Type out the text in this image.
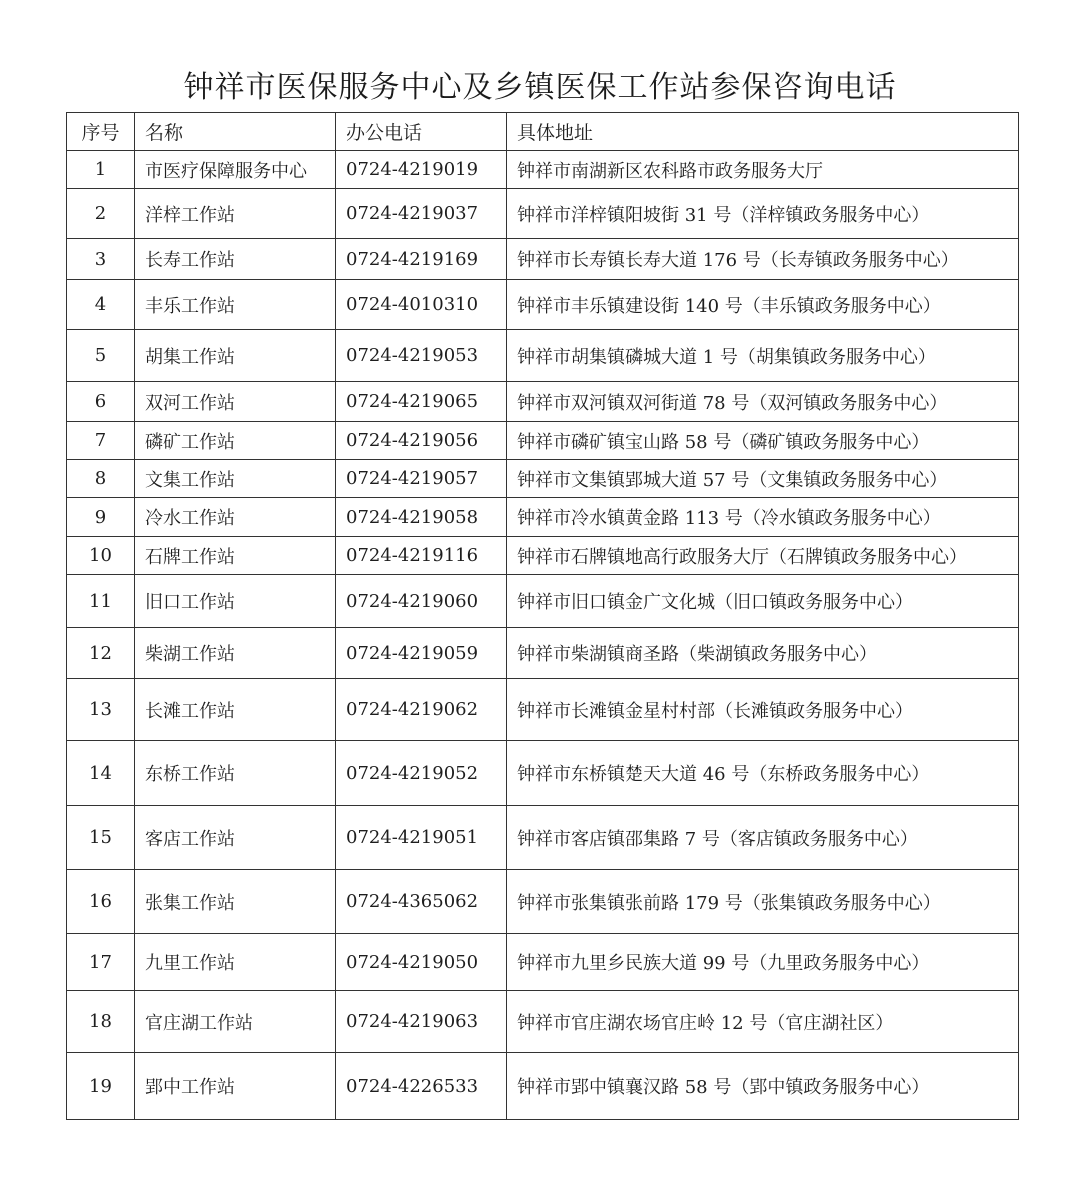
钟祥市医保服务中心及乡镇医保工作站参保咨询电话
序号	名称	办公电话	具体地址
1	市医疗保障服务中心	0724-4219019	钟祥市南湖新区农科路市政务服务大厅
2	洋梓工作站	0724-4219037	钟祥市洋梓镇阳坡街 31 号（洋梓镇政务服务中心）
3	长寿工作站	0724-4219169	钟祥市长寿镇长寿大道 176 号（长寿镇政务服务中心）
4	丰乐工作站	0724-4010310	钟祥市丰乐镇建设街 140 号（丰乐镇政务服务中心）
5	胡集工作站	0724-4219053	钟祥市胡集镇磷城大道 1 号（胡集镇政务服务中心）
6	双河工作站	0724-4219065	钟祥市双河镇双河街道 78 号（双河镇政务服务中心）
7	磷矿工作站	0724-4219056	钟祥市磷矿镇宝山路 58 号（磷矿镇政务服务中心）
8	文集工作站	0724-4219057	钟祥市文集镇郢城大道 57 号（文集镇政务服务中心）
9	冷水工作站	0724-4219058	钟祥市冷水镇黄金路 113 号（冷水镇政务服务中心）
10	石牌工作站	0724-4219116	钟祥市石牌镇地高行政服务大厅（石牌镇政务服务中心）
11	旧口工作站	0724-4219060	钟祥市旧口镇金广文化城（旧口镇政务服务中心）
12	柴湖工作站	0724-4219059	钟祥市柴湖镇商圣路（柴湖镇政务服务中心）
13	长滩工作站	0724-4219062	钟祥市长滩镇金星村村部（长滩镇政务服务中心）
14	东桥工作站	0724-4219052	钟祥市东桥镇楚天大道 46 号（东桥政务服务中心）
15	客店工作站	0724-4219051	钟祥市客店镇邵集路 7 号（客店镇政务服务中心）
16	张集工作站	0724-4365062	钟祥市张集镇张前路 179 号（张集镇政务服务中心）
17	九里工作站	0724-4219050	钟祥市九里乡民族大道 99 号（九里政务服务中心）
18	官庄湖工作站	0724-4219063	钟祥市官庄湖农场官庄岭 12 号（官庄湖社区）
19	郢中工作站	0724-4226533	钟祥市郢中镇襄汉路 58 号（郢中镇政务服务中心）
